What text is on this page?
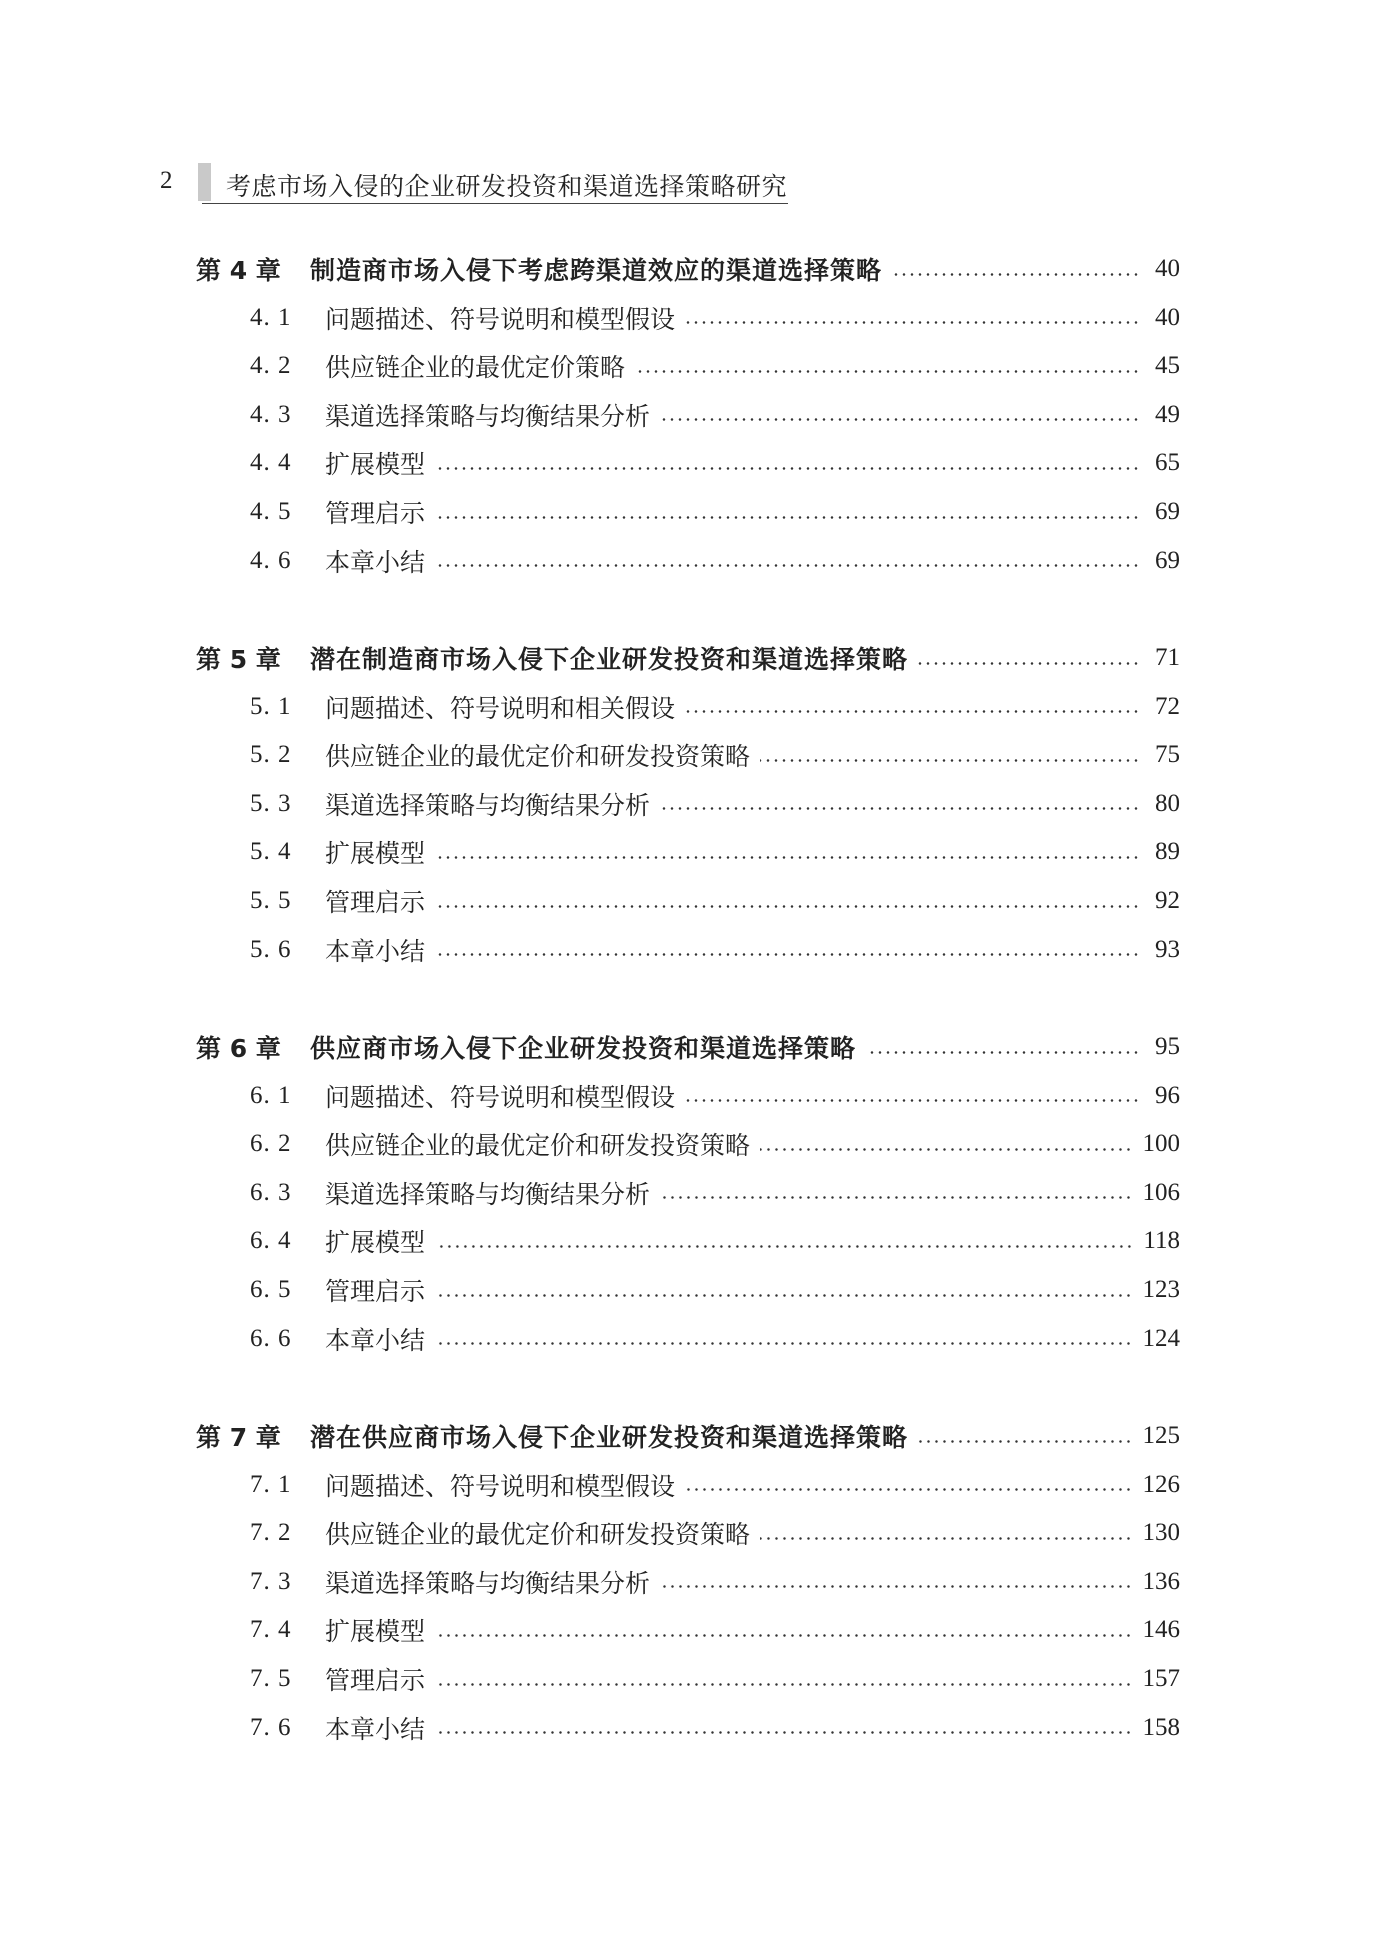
2 考虑市场入侵的企业研发投资和渠道选择策略研究
第 4 章	制造商市场入侵下考虑跨渠道效应的渠道选择策略	40
4. 1	问题描述、符号说明和模型假设	40
4. 2	供应链企业的最优定价策略	45
4. 3	渠道选择策略与均衡结果分析	49
4. 4	扩展模型	65
4. 5	管理启示	69
4. 6	本章小结	69
第 5 章	潜在制造商市场入侵下企业研发投资和渠道选择策略	71
5. 1	问题描述、符号说明和相关假设	72
5. 2	供应链企业的最优定价和研发投资策略	75
5. 3	渠道选择策略与均衡结果分析	80
5. 4	扩展模型	89
5. 5	管理启示	92
5. 6	本章小结	93
第 6 章	供应商市场入侵下企业研发投资和渠道选择策略	95
6. 1	问题描述、符号说明和模型假设	96
6. 2	供应链企业的最优定价和研发投资策略	100
6. 3	渠道选择策略与均衡结果分析	106
6. 4	扩展模型	118
6. 5	管理启示	123
6. 6	本章小结	124
第 7 章	潜在供应商市场入侵下企业研发投资和渠道选择策略	125
7. 1	问题描述、符号说明和模型假设	126
7. 2	供应链企业的最优定价和研发投资策略	130
7. 3	渠道选择策略与均衡结果分析	136
7. 4	扩展模型	146
7. 5	管理启示	157
7. 6	本章小结	158
